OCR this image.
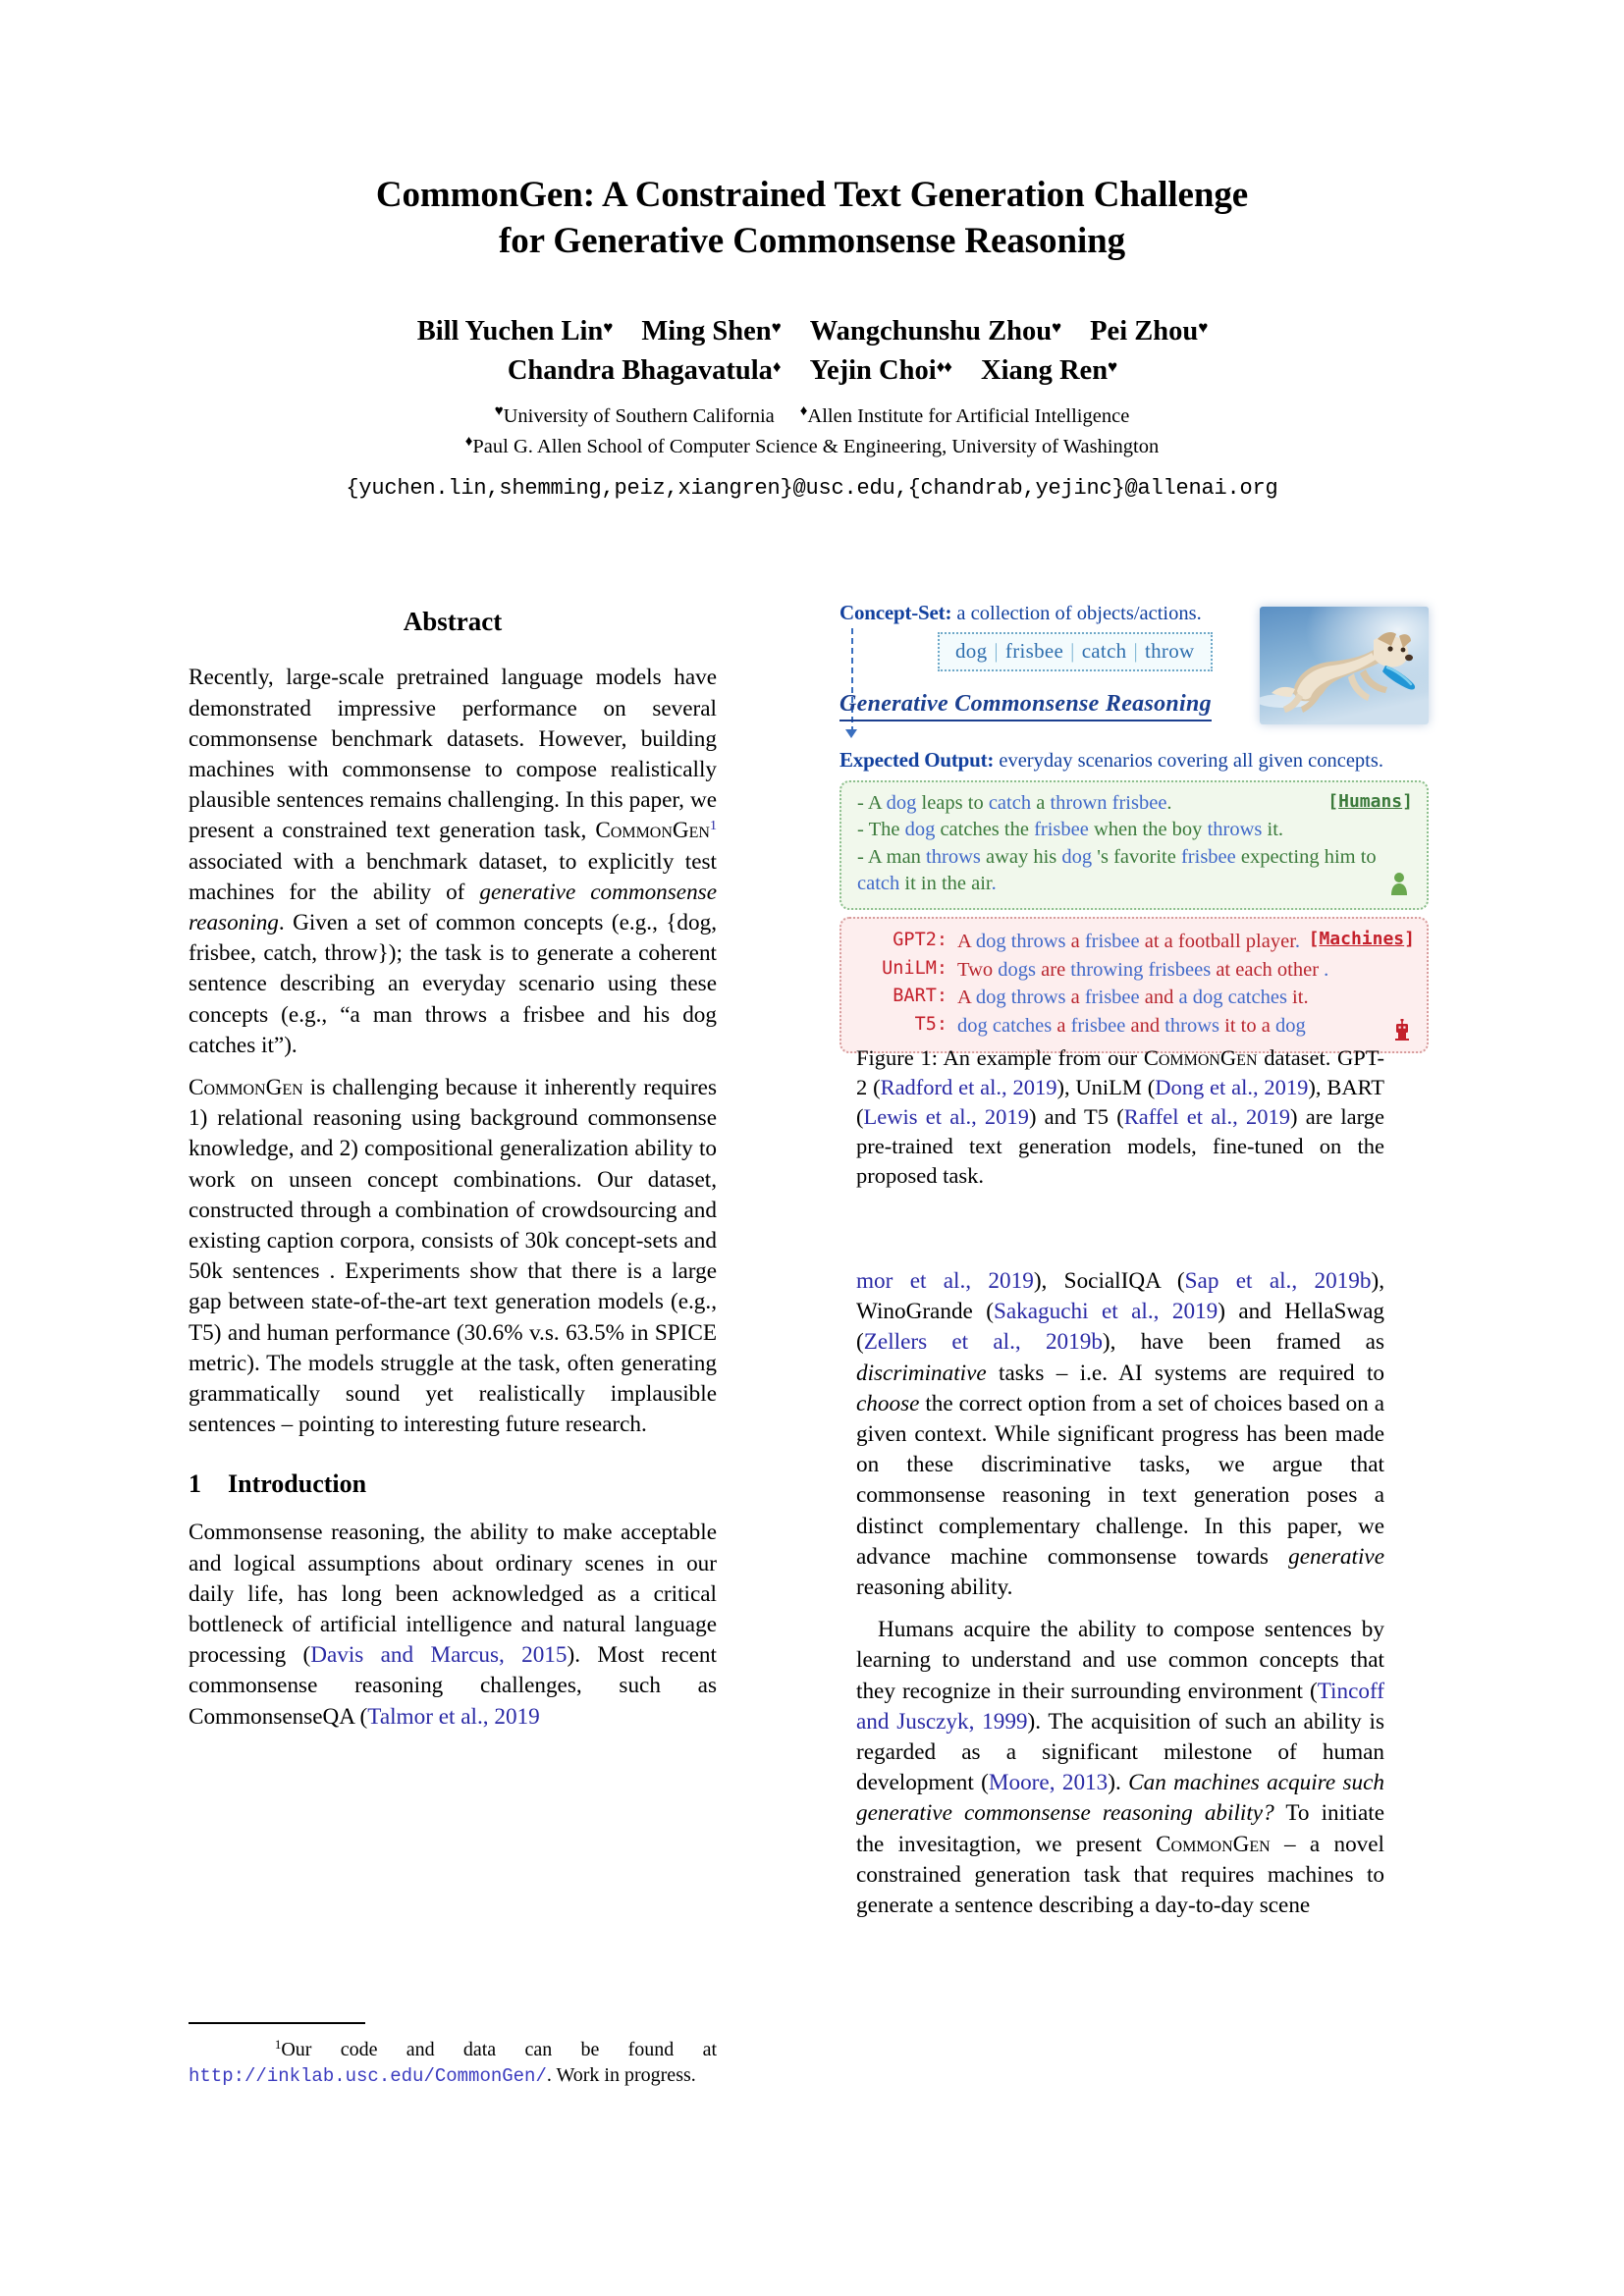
CommonGen: A Constrained Text Generation Challenge
for Generative Commonsense Reasoning
Bill Yuchen Lin♥ Ming Shen♥ Wangchunshu Zhou♥ Pei Zhou♥
Chandra Bhagavatula♦ Yejin Choi♦♦ Xiang Ren♥
♥University of Southern California ♦Allen Institute for Artificial Intelligence
♦Paul G. Allen School of Computer Science & Engineering, University of Washington
{yuchen.lin,shemming,peiz,xiangren}@usc.edu,{chandrab,yejinc}@allenai.org
Abstract

Recently, large-scale pretrained language models have demonstrated impressive performance on several commonsense benchmark datasets. However, building machines with commonsense to compose realistically plausible sentences remains challenging. In this paper, we present a constrained text generation task, CommonGen$^1$ associated with a benchmark dataset, to explicitly test machines for the ability of generative commonsense reasoning. Given a set of common concepts (e.g., {dog, frisbee, catch, throw}); the task is to generate a coherent sentence describing an everyday scenario using these concepts (e.g., “a man throws a frisbee and his dog catches it”).

CommonGen is challenging because it inherently requires 1) relational reasoning using background commonsense knowledge, and 2) compositional generalization ability to work on unseen concept combinations. Our dataset, constructed through a combination of crowdsourcing and existing caption corpora, consists of 30k concept-sets and 50k sentences . Experiments show that there is a large gap between state-of-the-art text generation models (e.g., T5) and human performance (30.6% v.s. 63.5% in SPICE metric). The models struggle at the task, often generating grammatically sound yet realistically implausible sentences – pointing to interesting future research.

1 Introduction

Commonsense reasoning, the ability to make acceptable and logical assumptions about ordinary scenes in our daily life, has long been acknowledged as a critical bottleneck of artificial intelligence and natural language processing (Davis and Marcus, 2015). Most recent commonsense reasoning challenges, such as CommonsenseQA (Talmor et al., 2019

$^1$Our code and data can be found at http://inklab.usc.edu/CommonGen/. Work in progress.
Concept-Set: a collection of objects/actions.
dog | frisbee | catch | throw
Generative Commonsense Reasoning
Expected Output: everyday scenarios covering all given concepts.
[Humans]
- A dog leaps to catch a thrown frisbee.
- The dog catches the frisbee when the boy throws it.
- A man throws away his dog 's favorite frisbee expecting him to
catch it in the air.
[Machines]
GPT2: A dog throws a frisbee at a football player.
UniLM: Two dogs are throwing frisbees at each other .
BART: A dog throws a frisbee and a dog catches it.
T5: dog catches a frisbee and throws it to a dog
Figure 1: An example from our CommonGen dataset. GPT-2 (Radford et al., 2019), UniLM (Dong et al., 2019), BART (Lewis et al., 2019) and T5 (Raffel et al., 2019) are large pre-trained text generation models, fine-tuned on the proposed task.

mor et al., 2019), SocialIQA (Sap et al., 2019b), WinoGrande (Sakaguchi et al., 2019) and HellaSwag (Zellers et al., 2019b), have been framed as discriminative tasks – i.e. AI systems are required to choose the correct option from a set of choices based on a given context. While significant progress has been made on these discriminative tasks, we argue that commonsense reasoning in text generation poses a distinct complementary challenge. In this paper, we advance machine commonsense towards generative reasoning ability.

Humans acquire the ability to compose sentences by learning to understand and use common concepts that they recognize in their surrounding environment (Tincoff and Jusczyk, 1999). The acquisition of such an ability is regarded as a significant milestone of human development (Moore, 2013). Can machines acquire such generative commonsense reasoning ability? To initiate the invesitagtion, we present CommonGen – a novel constrained generation task that requires machines to generate a sentence describing a day-to-day scene
